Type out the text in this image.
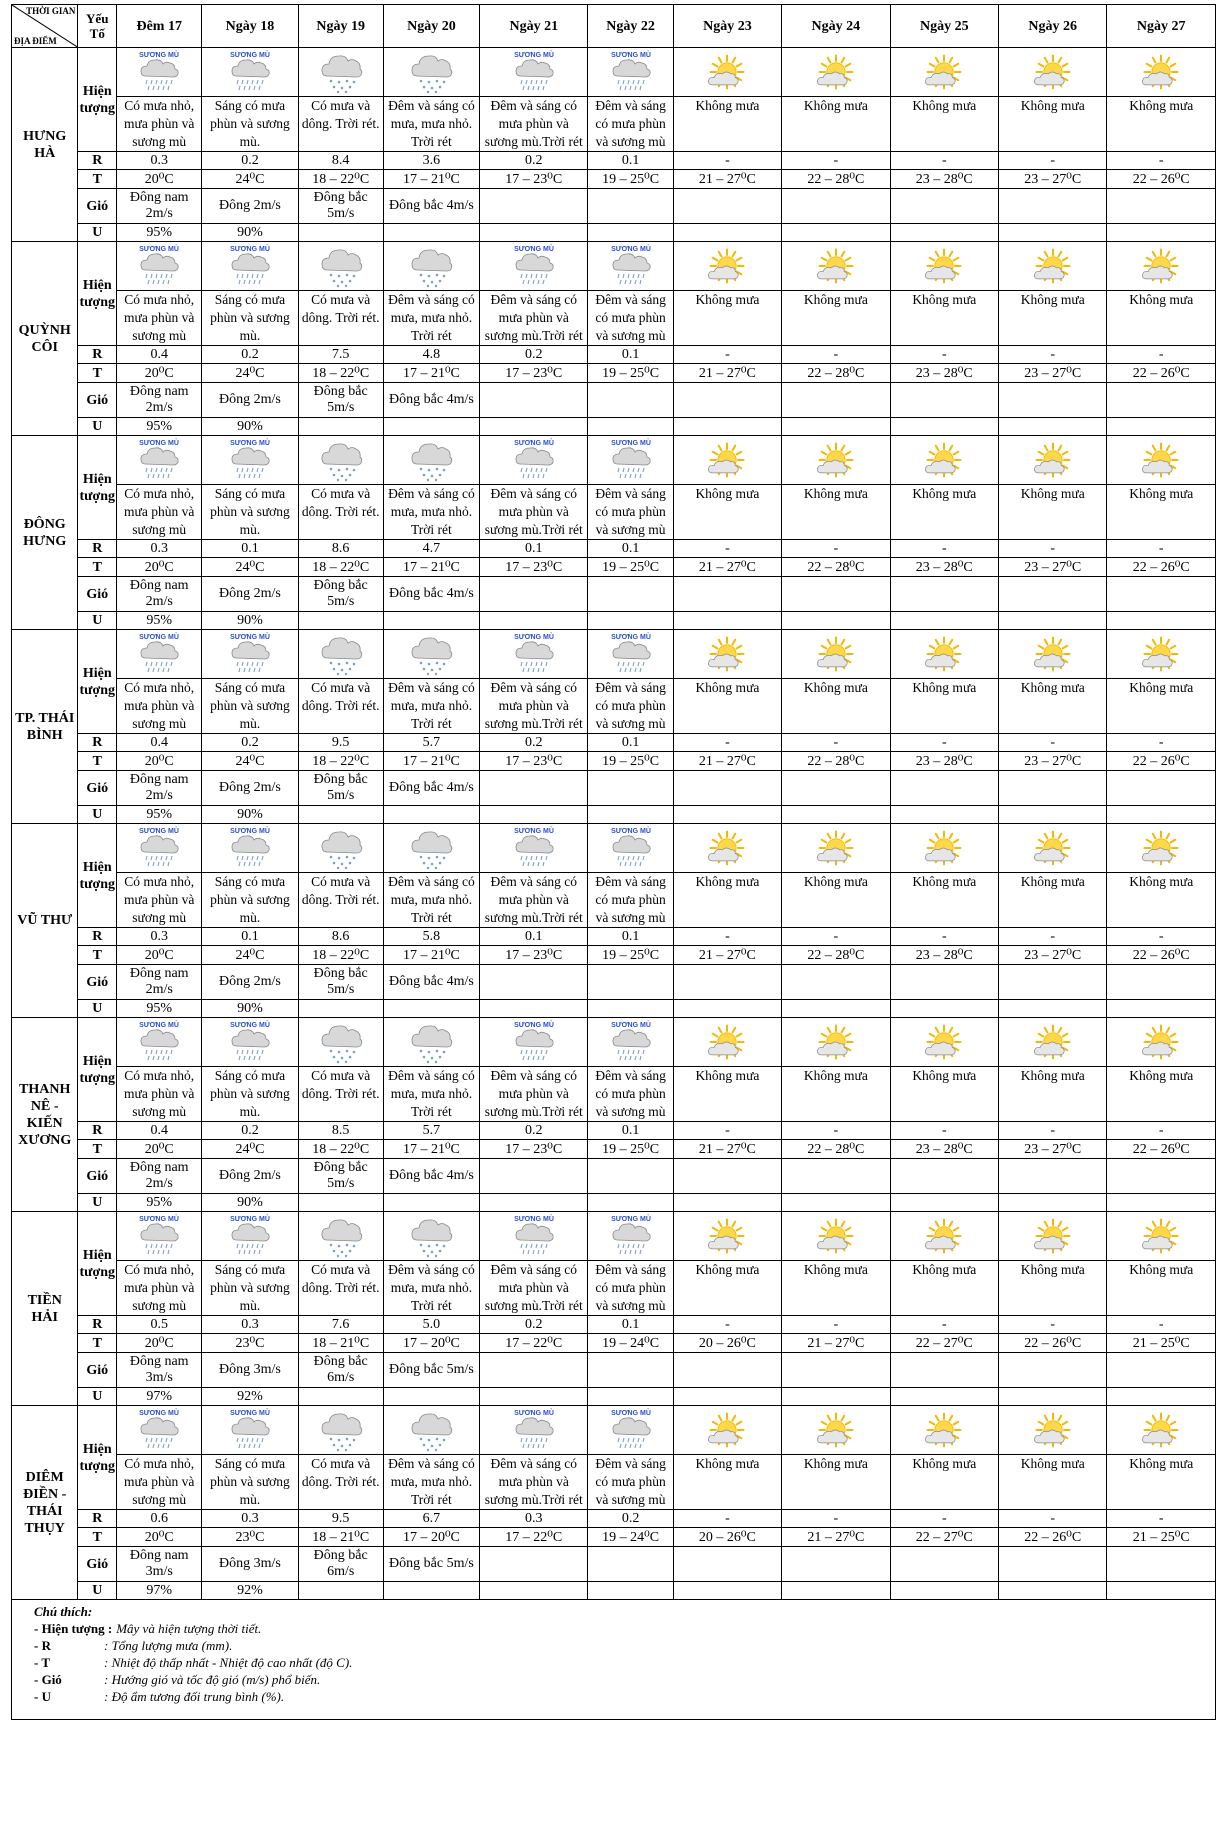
THỜI GIAN
ĐỊA ĐIỂM	Yếu Tố	Đêm 17	Ngày 18	Ngày 19	Ngày 20	Ngày 21	Ngày 22	Ngày 23	Ngày 24	Ngày 25	Ngày 26	Ngày 27
HƯNG HÀ	Hiện tượng	SƯƠNG MÙ	SƯƠNG MÙ			SƯƠNG MÙ	SƯƠNG MÙ

		Có mưa nhỏ, mưa phùn và sương mù	Sáng có mưa phùn và sương mù.	Có mưa và dông. Trời rét.	Đêm và sáng có mưa, mưa nhỏ. Trời rét	Đêm và sáng có mưa phùn và sương mù.Trời rét	Đêm và sáng có mưa phùn và sương mù	Không mưa	Không mưa	Không mưa	Không mưa	Không mưa
	R	0.3	0.2	8.4	3.6	0.2	0.1	-	-	-	-	-
	T	20⁰C	24⁰C	18 – 22⁰C	17 – 21⁰C	17 – 23⁰C	19 – 25⁰C	21 – 27⁰C	22 – 28⁰C	23 – 28⁰C	23 – 27⁰C	22 – 26⁰C
	Gió	Đông nam 2m/s	Đông 2m/s	Đông bắc 5m/s	Đông bắc 4m/s							
	U	95%	90%									
QUỲNH CÔI	Hiện tượng	SƯƠNG MÙ	SƯƠNG MÙ			SƯƠNG MÙ	SƯƠNG MÙ

		Có mưa nhỏ, mưa phùn và sương mù	Sáng có mưa phùn và sương mù.	Có mưa và dông. Trời rét.	Đêm và sáng có mưa, mưa nhỏ. Trời rét	Đêm và sáng có mưa phùn và sương mù.Trời rét	Đêm và sáng có mưa phùn và sương mù	Không mưa	Không mưa	Không mưa	Không mưa	Không mưa
	R	0.4	0.2	7.5	4.8	0.2	0.1	-	-	-	-	-
	T	20⁰C	24⁰C	18 – 22⁰C	17 – 21⁰C	17 – 23⁰C	19 – 25⁰C	21 – 27⁰C	22 – 28⁰C	23 – 28⁰C	23 – 27⁰C	22 – 26⁰C
	Gió	Đông nam 2m/s	Đông 2m/s	Đông bắc 5m/s	Đông bắc 4m/s							
	U	95%	90%									
ĐÔNG HƯNG	Hiện tượng	SƯƠNG MÙ	SƯƠNG MÙ			SƯƠNG MÙ	SƯƠNG MÙ

		Có mưa nhỏ, mưa phùn và sương mù	Sáng có mưa phùn và sương mù.	Có mưa và dông. Trời rét.	Đêm và sáng có mưa, mưa nhỏ. Trời rét	Đêm và sáng có mưa phùn và sương mù.Trời rét	Đêm và sáng có mưa phùn và sương mù	Không mưa	Không mưa	Không mưa	Không mưa	Không mưa
	R	0.3	0.1	8.6	4.7	0.1	0.1	-	-	-	-	-
	T	20⁰C	24⁰C	18 – 22⁰C	17 – 21⁰C	17 – 23⁰C	19 – 25⁰C	21 – 27⁰C	22 – 28⁰C	23 – 28⁰C	23 – 27⁰C	22 – 26⁰C
	Gió	Đông nam 2m/s	Đông 2m/s	Đông bắc 5m/s	Đông bắc 4m/s							
	U	95%	90%									
TP. THÁI BÌNH	Hiện tượng	SƯƠNG MÙ	SƯƠNG MÙ			SƯƠNG MÙ	SƯƠNG MÙ

		Có mưa nhỏ, mưa phùn và sương mù	Sáng có mưa phùn và sương mù.	Có mưa và dông. Trời rét.	Đêm và sáng có mưa, mưa nhỏ. Trời rét	Đêm và sáng có mưa phùn và sương mù.Trời rét	Đêm và sáng có mưa phùn và sương mù	Không mưa	Không mưa	Không mưa	Không mưa	Không mưa
	R	0.4	0.2	9.5	5.7	0.2	0.1	-	-	-	-	-
	T	20⁰C	24⁰C	18 – 22⁰C	17 – 21⁰C	17 – 23⁰C	19 – 25⁰C	21 – 27⁰C	22 – 28⁰C	23 – 28⁰C	23 – 27⁰C	22 – 26⁰C
	Gió	Đông nam 2m/s	Đông 2m/s	Đông bắc 5m/s	Đông bắc 4m/s							
	U	95%	90%									
VŨ THƯ	Hiện tượng	SƯƠNG MÙ	SƯƠNG MÙ			SƯƠNG MÙ	SƯƠNG MÙ

		Có mưa nhỏ, mưa phùn và sương mù	Sáng có mưa phùn và sương mù.	Có mưa và dông. Trời rét.	Đêm và sáng có mưa, mưa nhỏ. Trời rét	Đêm và sáng có mưa phùn và sương mù.Trời rét	Đêm và sáng có mưa phùn và sương mù	Không mưa	Không mưa	Không mưa	Không mưa	Không mưa
	R	0.3	0.1	8.6	5.8	0.1	0.1	-	-	-	-	-
	T	20⁰C	24⁰C	18 – 22⁰C	17 – 21⁰C	17 – 23⁰C	19 – 25⁰C	21 – 27⁰C	22 – 28⁰C	23 – 28⁰C	23 – 27⁰C	22 – 26⁰C
	Gió	Đông nam 2m/s	Đông 2m/s	Đông bắc 5m/s	Đông bắc 4m/s							
	U	95%	90%									
THANH NÊ - KIẾN XƯƠNG	Hiện tượng	SƯƠNG MÙ	SƯƠNG MÙ			SƯƠNG MÙ	SƯƠNG MÙ

		Có mưa nhỏ, mưa phùn và sương mù	Sáng có mưa phùn và sương mù.	Có mưa và dông. Trời rét.	Đêm và sáng có mưa, mưa nhỏ. Trời rét	Đêm và sáng có mưa phùn và sương mù.Trời rét	Đêm và sáng có mưa phùn và sương mù	Không mưa	Không mưa	Không mưa	Không mưa	Không mưa
	R	0.4	0.2	8.5	5.7	0.2	0.1	-	-	-	-	-
	T	20⁰C	24⁰C	18 – 22⁰C	17 – 21⁰C	17 – 23⁰C	19 – 25⁰C	21 – 27⁰C	22 – 28⁰C	23 – 28⁰C	23 – 27⁰C	22 – 26⁰C
	Gió	Đông nam 2m/s	Đông 2m/s	Đông bắc 5m/s	Đông bắc 4m/s							
	U	95%	90%									
TIỀN HẢI	Hiện tượng	SƯƠNG MÙ	SƯƠNG MÙ			SƯƠNG MÙ	SƯƠNG MÙ

		Có mưa nhỏ, mưa phùn và sương mù	Sáng có mưa phùn và sương mù.	Có mưa và dông. Trời rét.	Đêm và sáng có mưa, mưa nhỏ. Trời rét	Đêm và sáng có mưa phùn và sương mù.Trời rét	Đêm và sáng có mưa phùn và sương mù	Không mưa	Không mưa	Không mưa	Không mưa	Không mưa
	R	0.5	0.3	7.6	5.0	0.2	0.1	-	-	-	-	-
	T	20⁰C	23⁰C	18 – 21⁰C	17 – 20⁰C	17 – 22⁰C	19 – 24⁰C	20 – 26⁰C	21 – 27⁰C	22 – 27⁰C	22 – 26⁰C	21 – 25⁰C
	Gió	Đông nam 3m/s	Đông 3m/s	Đông bắc 6m/s	Đông bắc 5m/s							
	U	97%	92%									
DIÊM ĐIỀN - THÁI THỤY	Hiện tượng	SƯƠNG MÙ	SƯƠNG MÙ			SƯƠNG MÙ	SƯƠNG MÙ

		Có mưa nhỏ, mưa phùn và sương mù	Sáng có mưa phùn và sương mù.	Có mưa và dông. Trời rét.	Đêm và sáng có mưa, mưa nhỏ. Trời rét	Đêm và sáng có mưa phùn và sương mù.Trời rét	Đêm và sáng có mưa phùn và sương mù	Không mưa	Không mưa	Không mưa	Không mưa	Không mưa
	R	0.6	0.3	9.5	6.7	0.3	0.2	-	-	-	-	-
	T	20⁰C	23⁰C	18 – 21⁰C	17 – 20⁰C	17 – 22⁰C	19 – 24⁰C	20 – 26⁰C	21 – 27⁰C	22 – 27⁰C	22 – 26⁰C	21 – 25⁰C
	Gió	Đông nam 3m/s	Đông 3m/s	Đông bắc 6m/s	Đông bắc 5m/s							
	U	97%	92%									
Chú thích:
- Hiện tượng : Mây và hiện tượng thời tiết.
- R	: Tổng lượng mưa (mm).
- T	: Nhiệt độ thấp nhất - Nhiệt độ cao nhất (độ C).
- Gió	: Hướng gió và tốc độ gió (m/s) phổ biến.
- U	: Độ ẩm tương đối trung bình (%).
